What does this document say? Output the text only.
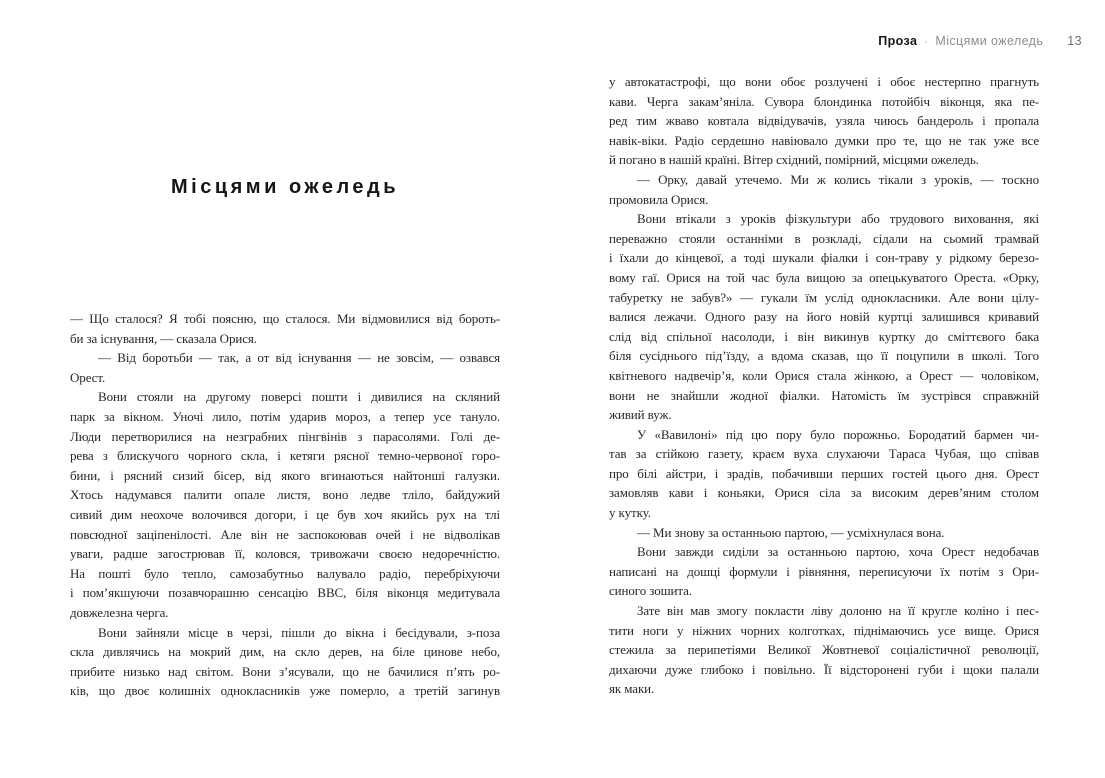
Проза · Місцями ожеледь 13
Місцями ожеледь
— Що сталося? Я тобі поясню, що сталося. Ми відмовилися від бороть-
би за існування, — сказала Орися.
— Від боротьби — так, а от від існування — не зовсім, — озвався
Орест.
Вони стояли на другому поверсі пошти і дивилися на скляний
парк за вікном. Уночі лило, потім ударив мороз, а тепер усе тануло.
Люди перетворилися на незграбних пінгвінів з парасолями. Голі де-
рева з блискучого чорного скла, і кетяги рясної темно-червоної горо-
бини, і рясний сизий бісер, від якого вгинаються найтонші галузки.
Хтось надумався палити опале листя, воно ледве тліло, байдужий
сивий дим неохоче волочився догори, і це був хоч якийсь рух на тлі
повсюдної заціпенілості. Але він не заспокоював очей і не відволікав
уваги, радше загострював її, коловся, тривожачи своєю недоречністю.
На пошті було тепло, самозабутньо валувало радіо, перебріхуючи
і пом’якшуючи позавчорашню сенсацію ВВС, біля віконця медитувала
довжелезна черга.
Вони зайняли місце в черзі, пішли до вікна і бесідували, з-поза
скла дивлячись на мокрий дим, на скло дерев, на біле цинове небо,
прибите низько над світом. Вони з’ясували, що не бачилися п’ять ро-
ків, що двоє колишніх однокласників уже померло, а третій загинув
у автокатастрофі, що вони обоє розлучені і обоє нестерпно прагнуть
кави. Черга закам’яніла. Сувора блондинка потойбіч віконця, яка пе-
ред тим жваво ковтала відвідувачів, узяла чиюсь бандероль і пропала
навік-віки. Радіо сердешно навіювало думки про те, що не так уже все
й погано в нашій країні. Вітер східний, помірний, місцями ожеледь.
— Орку, давай утечемо. Ми ж колись тікали з уроків, — тоскно
промовила Орися.
Вони втікали з уроків фізкультури або трудового виховання, які
переважно стояли останніми в розкладі, сідали на сьомий трамвай
і їхали до кінцевої, а тоді шукали фіалки і сон-траву у рідкому березо-
вому гаї. Орися на той час була вищою за опецькуватого Ореста. «Орку,
табуретку не забув?» — гукали їм услід однокласники. Але вони цілу-
валися лежачи. Одного разу на його новій куртці залишився кривавий
слід від спільної насолоди, і він викинув куртку до сміттєвого бака
біля сусіднього під’їзду, а вдома сказав, що її поцупили в школі. Того
квітневого надвечір’я, коли Орися стала жінкою, а Орест — чоловіком,
вони не знайшли жодної фіалки. Натомість їм зустрівся справжній
живий вуж.
У «Вавилоні» під цю пору було порожньо. Бородатий бармен чи-
тав за стійкою газету, краєм вуха слухаючи Тараса Чубая, що співав
про білі айстри, і зрадів, побачивши перших гостей цього дня. Орест
замовляв кави і коньяки, Орися сіла за високим дерев’яним столом
у кутку.
— Ми знову за останньою партою, — усміхнулася вона.
Вони завжди сиділи за останньою партою, хоча Орест недобачав
написані на дошці формули і рівняння, переписуючи їх потім з Ори-
синого зошита.
Зате він мав змогу покласти ліву долоню на її кругле коліно і пес-
тити ноги у ніжних чорних колготках, піднімаючись усе вище. Орися
стежила за перипетіями Великої Жовтневої соціалістичної революції,
дихаючи дуже глибоко і повільно. Її відсторонені губи і щоки палали
як маки.
